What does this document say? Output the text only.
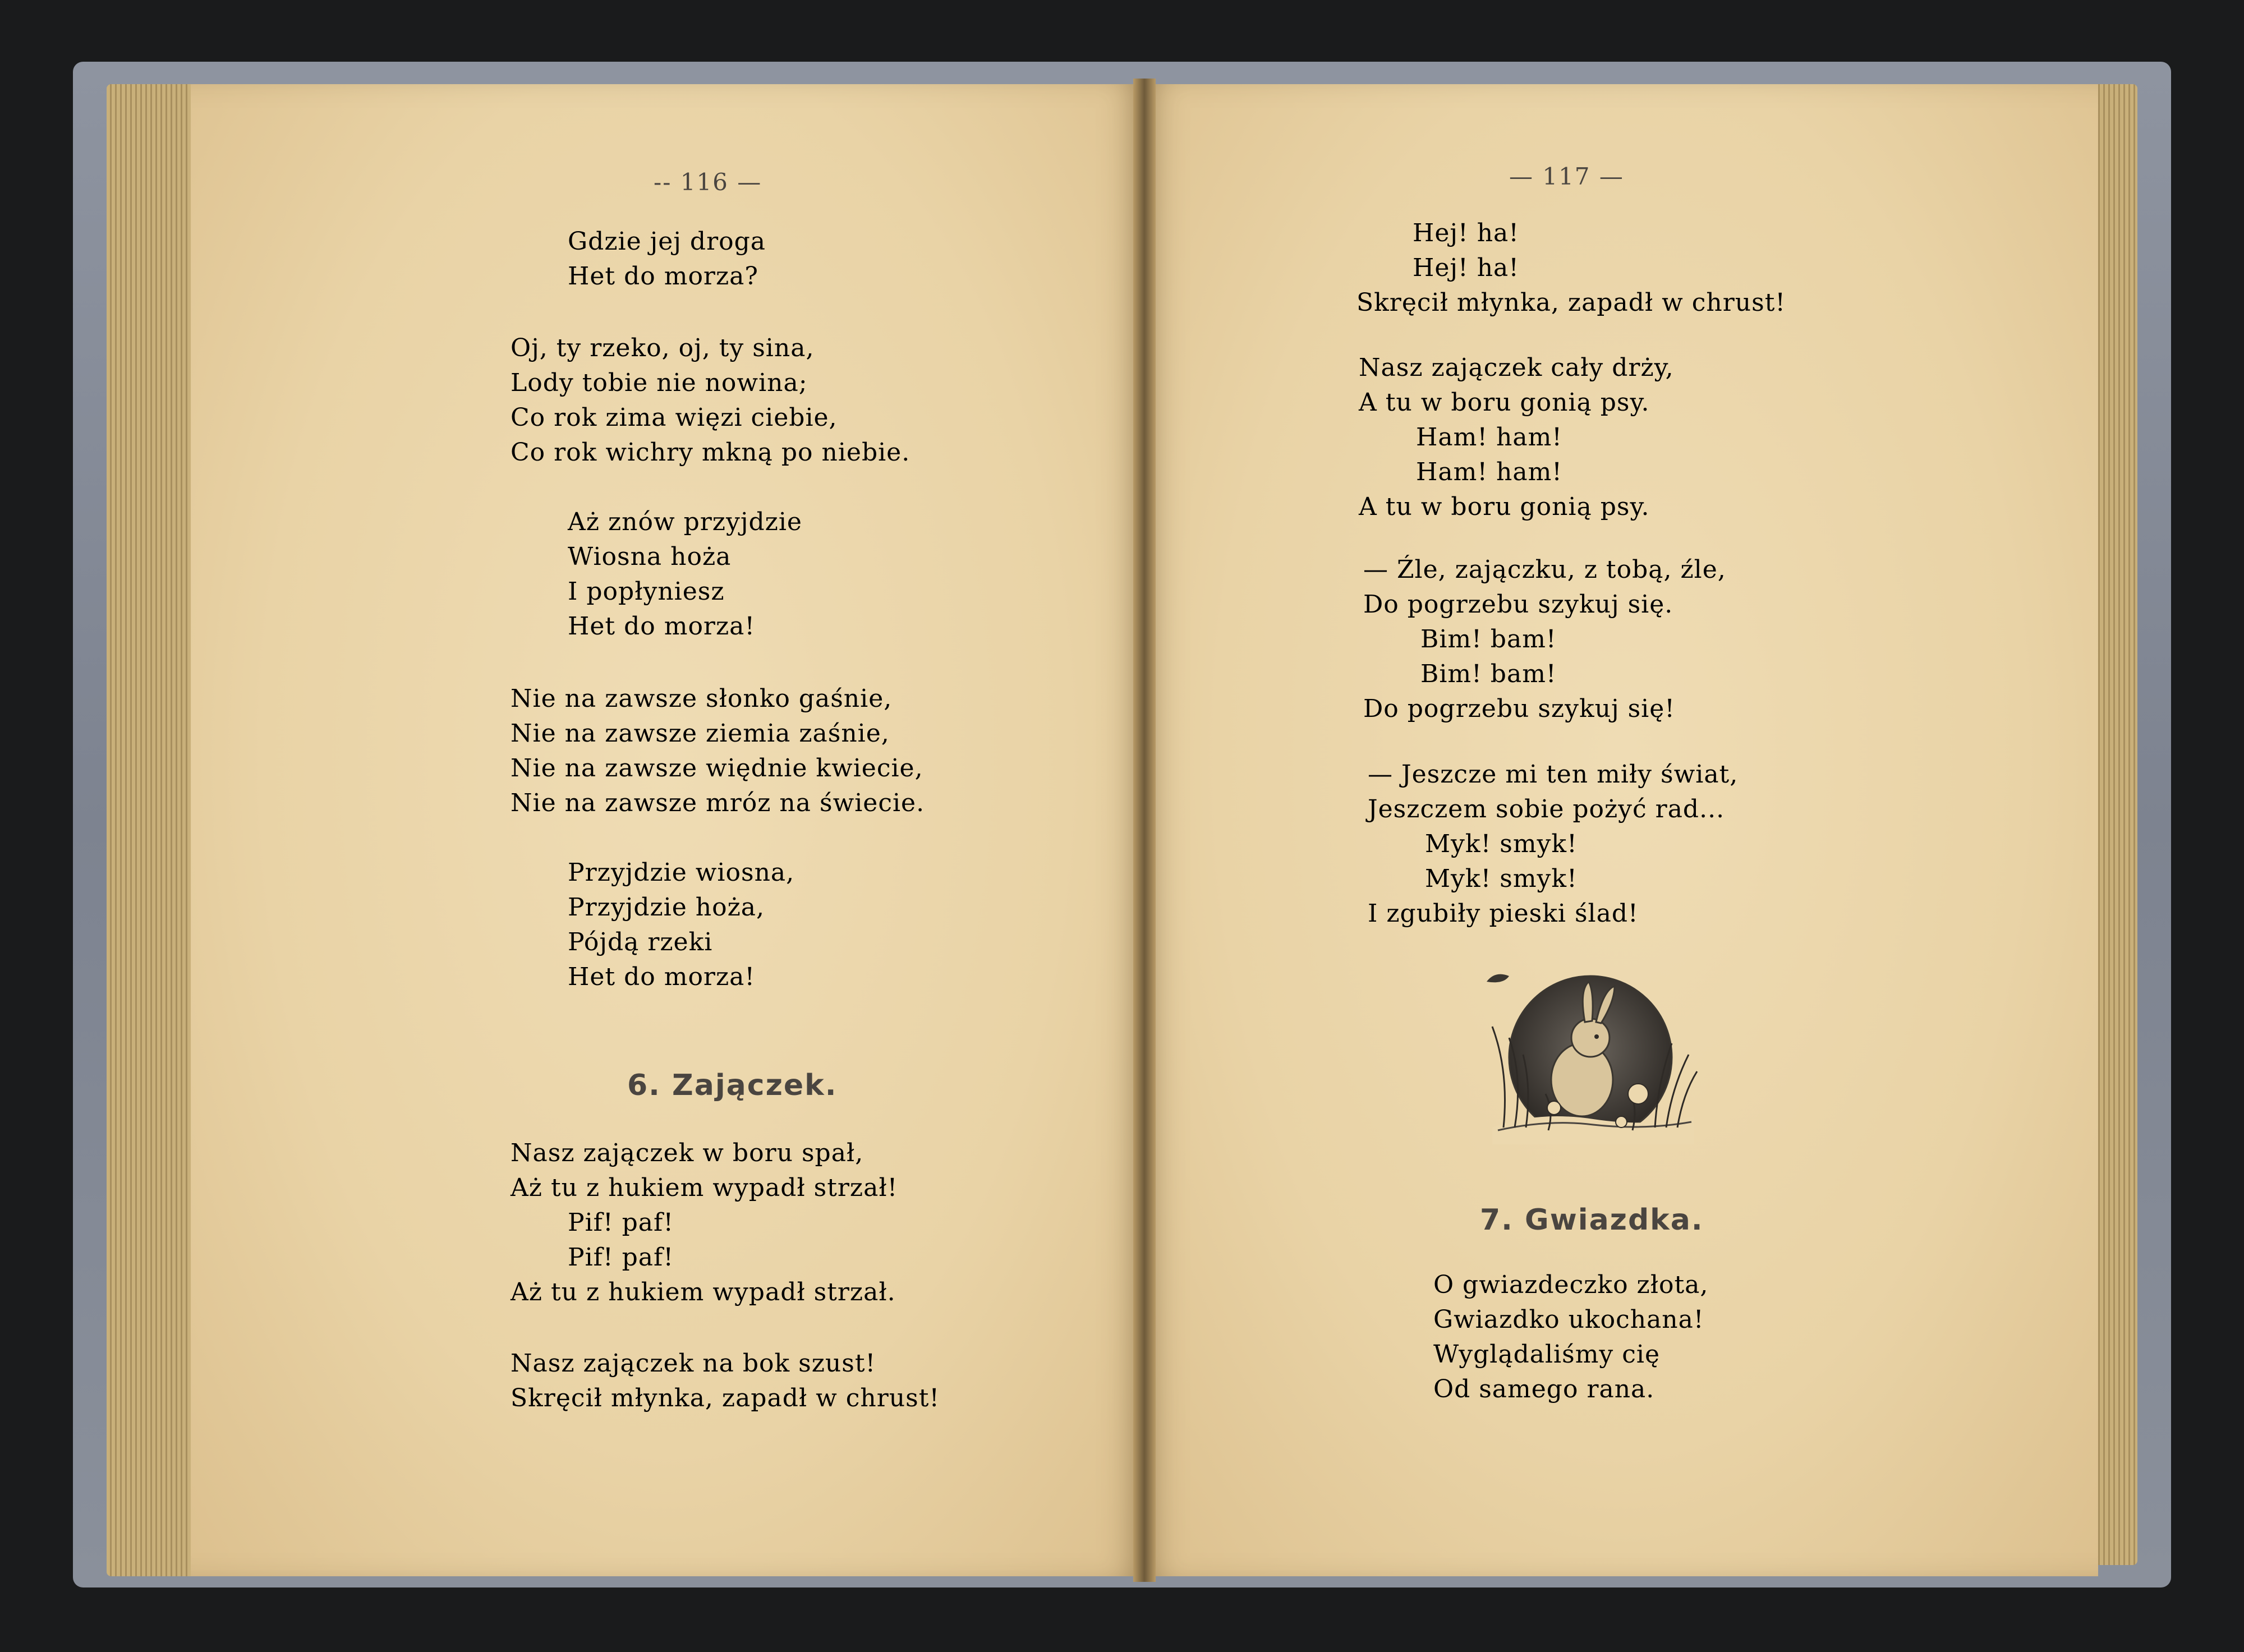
-- 116 —
Gdzie jej droga
Het do morza?
Oj, ty rzeko, oj, ty sina,
Lody tobie nie nowina;
Co rok zima więzi ciebie,
Co rok wichry mkną po niebie.
Aż znów przyjdzie
Wiosna hoża
I popłyniesz
Het do morza!
Nie na zawsze słonko gaśnie,
Nie na zawsze ziemia zaśnie,
Nie na zawsze więdnie kwiecie,
Nie na zawsze mróz na świecie.
Przyjdzie wiosna,
Przyjdzie hoża,
Pójdą rzeki
Het do morza!
6. Zajączek.
Nasz zajączek w boru spał,
Aż tu z hukiem wypadł strzał!
Pif! paf!
Pif! paf!
Aż tu z hukiem wypadł strzał.
Nasz zajączek na bok szust!
Skręcił młynka, zapadł w chrust!
— 117 —
Hej! ha!
Hej! ha!
Skręcił młynka, zapadł w chrust!
Nasz zajączek cały drży,
A tu w boru gonią psy.
Ham! ham!
Ham! ham!
A tu w boru gonią psy.
— Źle, zajączku, z tobą, źle,
Do pogrzebu szykuj się.
Bim! bam!
Bim! bam!
Do pogrzebu szykuj się!
— Jeszcze mi ten miły świat,
Jeszczem sobie pożyć rad...
Myk! smyk!
Myk! smyk!
I zgubiły pieski ślad!
7. Gwiazdka.
O gwiazdeczko złota,
Gwiazdko ukochana!
Wyglądaliśmy cię
Od samego rana.
